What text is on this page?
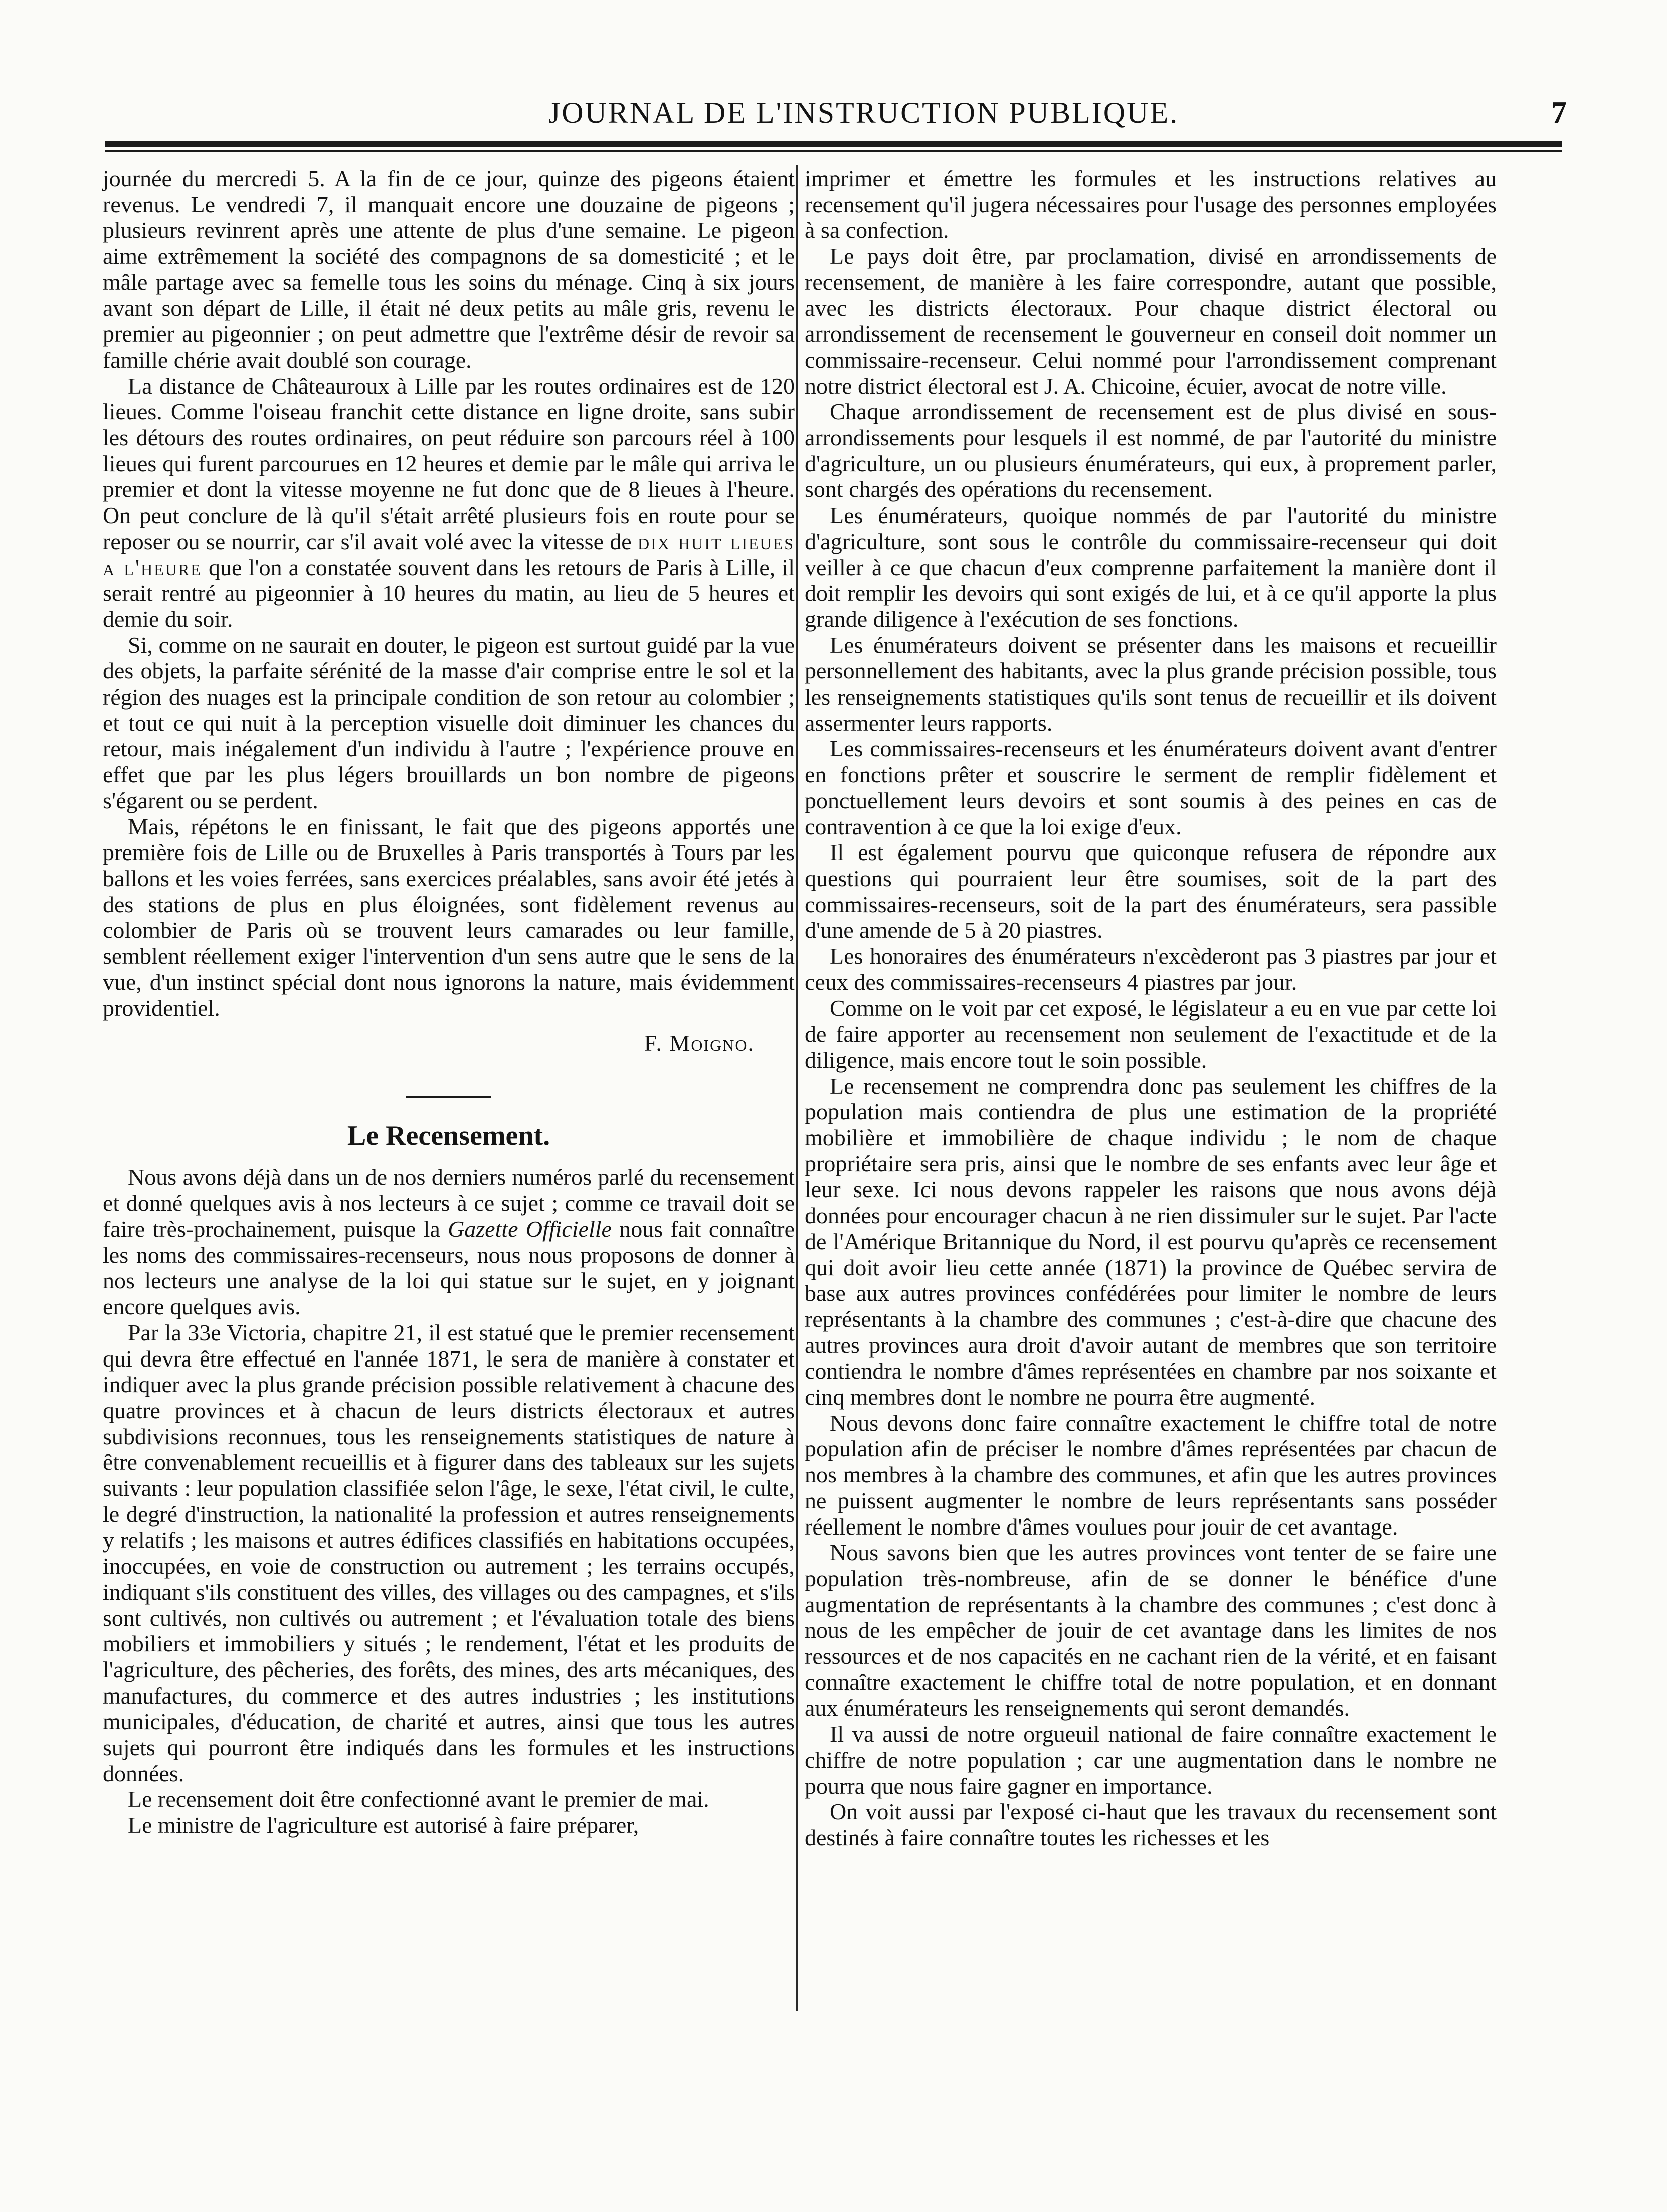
JOURNAL DE L'INSTRUCTION PUBLIQUE.	7

journée du mercredi 5. A la fin de ce jour, quinze des pigeons étaient revenus. Le vendredi 7, il manquait encore une douzaine de pigeons ; plusieurs revinrent après une attente de plus d'une semaine. Le pigeon aime extrêmement la société des compagnons de sa domesticité ; et le mâle partage avec sa femelle tous les soins du ménage. Cinq à six jours avant son départ de Lille, il était né deux petits au mâle gris, revenu le premier au pigeonnier ; on peut admettre que l'extrême désir de revoir sa famille chérie avait doublé son courage.

La distance de Châteauroux à Lille par les routes ordinaires est de 120 lieues. Comme l'oiseau franchit cette distance en ligne droite, sans subir les détours des routes ordinaires, on peut réduire son parcours réel à 100 lieues qui furent parcourues en 12 heures et demie par le mâle qui arriva le premier et dont la vitesse moyenne ne fut donc que de 8 lieues à l'heure. On peut conclure de là qu'il s'était arrêté plusieurs fois en route pour se reposer ou se nourrir, car s'il avait volé avec la vitesse de dix huit lieues a l'heure que l'on a constatée souvent dans les retours de Paris à Lille, il serait rentré au pigeonnier à 10 heures du matin, au lieu de 5 heures et demie du soir.

Si, comme on ne saurait en douter, le pigeon est surtout guidé par la vue des objets, la parfaite sérénité de la masse d'air comprise entre le sol et la région des nuages est la principale condition de son retour au colombier ; et tout ce qui nuit à la perception visuelle doit diminuer les chances du retour, mais inégalement d'un individu à l'autre ; l'expérience prouve en effet que par les plus légers brouillards un bon nombre de pigeons s'égarent ou se perdent.

Mais, répétons le en finissant, le fait que des pigeons apportés une première fois de Lille ou de Bruxelles à Paris transportés à Tours par les ballons et les voies ferrées, sans exercices préalables, sans avoir été jetés à des stations de plus en plus éloignées, sont fidèlement revenus au colombier de Paris où se trouvent leurs camarades ou leur famille, semblent réellement exiger l'intervention d'un sens autre que le sens de la vue, d'un instinct spécial dont nous ignorons la nature, mais évidemment providentiel.

F. Moigno.

Le Recensement.

Nous avons déjà dans un de nos derniers numéros parlé du recensement et donné quelques avis à nos lecteurs à ce sujet ; comme ce travail doit se faire très-prochainement, puisque la Gazette Officielle nous fait connaître les noms des commissaires-recenseurs, nous nous proposons de donner à nos lecteurs une analyse de la loi qui statue sur le sujet, en y joignant encore quelques avis.

Par la 33e Victoria, chapitre 21, il est statué que le premier recensement qui devra être effectué en l'année 1871, le sera de manière à constater et indiquer avec la plus grande précision possible relativement à chacune des quatre provinces et à chacun de leurs districts électoraux et autres subdivisions reconnues, tous les renseignements statistiques de nature à être convenablement recueillis et à figurer dans des tableaux sur les sujets suivants : leur population classifiée selon l'âge, le sexe, l'état civil, le culte, le degré d'instruction, la nationalité la profession et autres renseignements y relatifs ; les maisons et autres édifices classifiés en habitations occupées, inoccupées, en voie de construction ou autrement ; les terrains occupés, indiquant s'ils constituent des villes, des villages ou des campagnes, et s'ils sont cultivés, non cultivés ou autrement ; et l'évaluation totale des biens mobiliers et immobiliers y situés ; le rendement, l'état et les produits de l'agriculture, des pêcheries, des forêts, des mines, des arts mécaniques, des manufactures, du commerce et des autres industries ; les institutions municipales, d'éducation, de charité et autres, ainsi que tous les autres sujets qui pourront être indiqués dans les formules et les instructions données.

Le recensement doit être confectionné avant le premier de mai.

Le ministre de l'agriculture est autorisé à faire préparer,

imprimer et émettre les formules et les instructions relatives au recensement qu'il jugera nécessaires pour l'usage des personnes employées à sa confection.

Le pays doit être, par proclamation, divisé en arrondissements de recensement, de manière à les faire correspondre, autant que possible, avec les districts électoraux. Pour chaque district électoral ou arrondissement de recensement le gouverneur en conseil doit nommer un commissaire-recenseur. Celui nommé pour l'arrondissement comprenant notre district électoral est J. A. Chicoine, écuier, avocat de notre ville.

Chaque arrondissement de recensement est de plus divisé en sous-arrondissements pour lesquels il est nommé, de par l'autorité du ministre d'agriculture, un ou plusieurs énumérateurs, qui eux, à proprement parler, sont chargés des opérations du recensement.

Les énumérateurs, quoique nommés de par l'autorité du ministre d'agriculture, sont sous le contrôle du commissaire-recenseur qui doit veiller à ce que chacun d'eux comprenne parfaitement la manière dont il doit remplir les devoirs qui sont exigés de lui, et à ce qu'il apporte la plus grande diligence à l'exécution de ses fonctions.

Les énumérateurs doivent se présenter dans les maisons et recueillir personnellement des habitants, avec la plus grande précision possible, tous les renseignements statistiques qu'ils sont tenus de recueillir et ils doivent assermenter leurs rapports.

Les commissaires-recenseurs et les énumérateurs doivent avant d'entrer en fonctions prêter et souscrire le serment de remplir fidèlement et ponctuellement leurs devoirs et sont soumis à des peines en cas de contravention à ce que la loi exige d'eux.

Il est également pourvu que quiconque refusera de répondre aux questions qui pourraient leur être soumises, soit de la part des commissaires-recenseurs, soit de la part des énumérateurs, sera passible d'une amende de 5 à 20 piastres.

Les honoraires des énumérateurs n'excèderont pas 3 piastres par jour et ceux des commissaires-recenseurs 4 piastres par jour.

Comme on le voit par cet exposé, le législateur a eu en vue par cette loi de faire apporter au recensement non seulement de l'exactitude et de la diligence, mais encore tout le soin possible.

Le recensement ne comprendra donc pas seulement les chiffres de la population mais contiendra de plus une estimation de la propriété mobilière et immobilière de chaque individu ; le nom de chaque propriétaire sera pris, ainsi que le nombre de ses enfants avec leur âge et leur sexe. Ici nous devons rappeler les raisons que nous avons déjà données pour encourager chacun à ne rien dissimuler sur le sujet. Par l'acte de l'Amérique Britannique du Nord, il est pourvu qu'après ce recensement qui doit avoir lieu cette année (1871) la province de Québec servira de base aux autres provinces confédérées pour limiter le nombre de leurs représentants à la chambre des communes ; c'est-à-dire que chacune des autres provinces aura droit d'avoir autant de membres que son territoire contiendra le nombre d'âmes représentées en chambre par nos soixante et cinq membres dont le nombre ne pourra être augmenté.

Nous devons donc faire connaître exactement le chiffre total de notre population afin de préciser le nombre d'âmes représentées par chacun de nos membres à la chambre des communes, et afin que les autres provinces ne puissent augmenter le nombre de leurs représentants sans posséder réellement le nombre d'âmes voulues pour jouir de cet avantage.

Nous savons bien que les autres provinces vont tenter de se faire une population très-nombreuse, afin de se donner le bénéfice d'une augmentation de représentants à la chambre des communes ; c'est donc à nous de les empêcher de jouir de cet avantage dans les limites de nos ressources et de nos capacités en ne cachant rien de la vérité, et en faisant connaître exactement le chiffre total de notre population, et en donnant aux énumérateurs les renseignements qui seront demandés.

Il va aussi de notre orgueuil national de faire connaître exactement le chiffre de notre population ; car une augmentation dans le nombre ne pourra que nous faire gagner en importance.

On voit aussi par l'exposé ci-haut que les travaux du recensement sont destinés à faire connaître toutes les richesses et les
